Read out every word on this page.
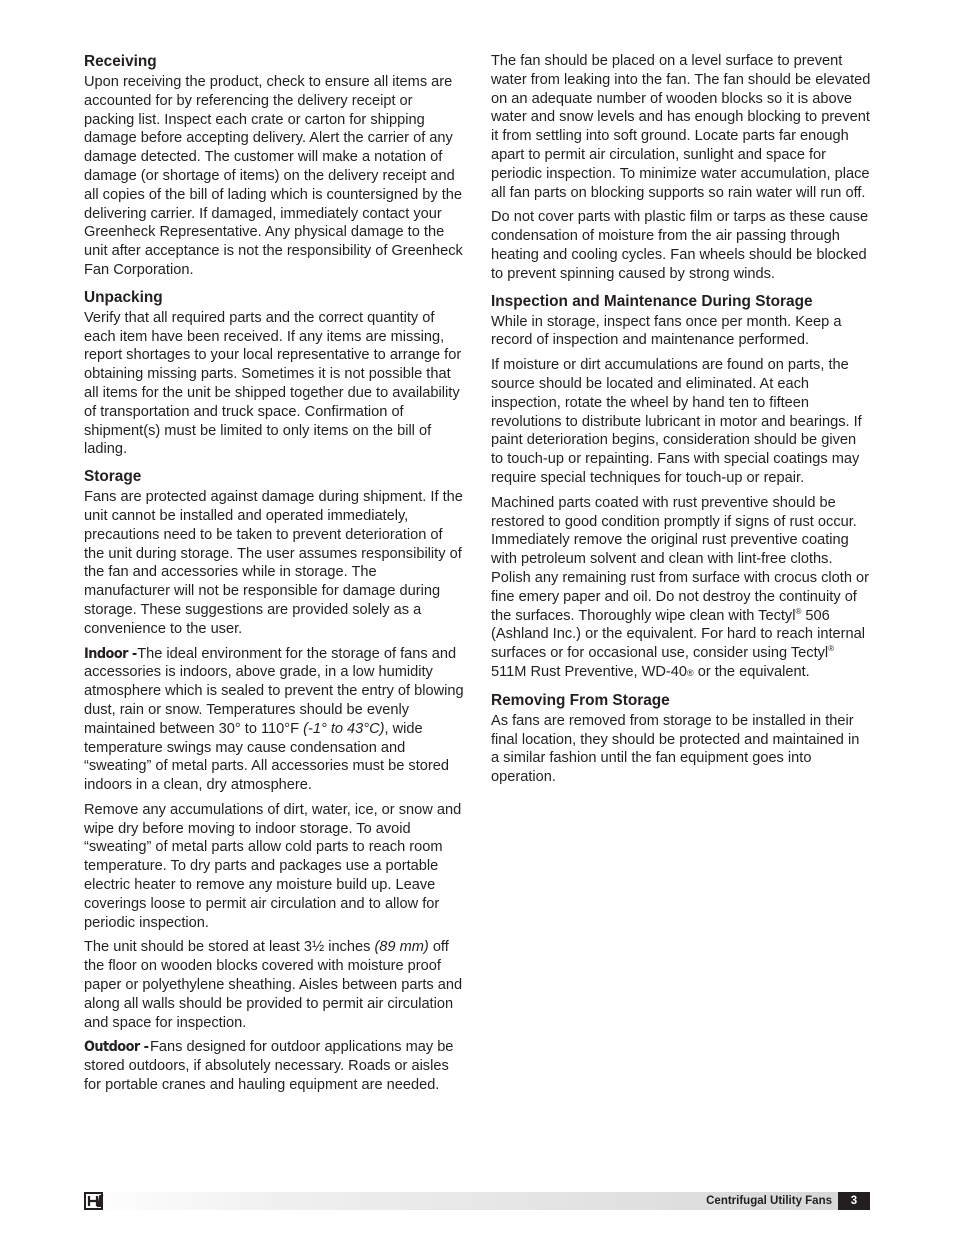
Receiving

Upon receiving the product, check to ensure all items are accounted for by referencing the delivery receipt or packing list. Inspect each crate or carton for shipping damage before accepting delivery. Alert the carrier of any damage detected. The customer will make a notation of damage (or shortage of items) on the delivery receipt and all copies of the bill of lading which is countersigned by the delivering carrier. If damaged, immediately contact your Greenheck Representative. Any physical damage to the unit after acceptance is not the responsibility of Greenheck Fan Corporation.

Unpacking

Verify that all required parts and the correct quantity of each item have been received. If any items are missing, report shortages to your local representative to arrange for obtaining missing parts. Sometimes it is not possible that all items for the unit be shipped together due to availability of transportation and truck space. Confirmation of shipment(s) must be limited to only items on the bill of lading.

Storage

Fans are protected against damage during shipment. If the unit cannot be installed and operated immediately, precautions need to be taken to prevent deterioration of the unit during storage. The user assumes responsibility of the fan and accessories while in storage. The manufacturer will not be responsible for damage during storage. These suggestions are provided solely as a convenience to the user.

Indoor -The ideal environment for the storage of fans and accessories is indoors, above grade, in a low humidity atmosphere which is sealed to prevent the entry of blowing dust, rain or snow. Temperatures should be evenly maintained between 30° to 110°F (-1° to 43°C), wide temperature swings may cause condensation and “sweating” of metal parts. All accessories must be stored indoors in a clean, dry atmosphere.

Remove any accumulations of dirt, water, ice, or snow and wipe dry before moving to indoor storage. To avoid “sweating” of metal parts allow cold parts to reach room temperature. To dry parts and packages use a portable electric heater to remove any moisture build up. Leave coverings loose to permit air circulation and to allow for periodic inspection.

The unit should be stored at least 3½ inches (89 mm) off the floor on wooden blocks covered with moisture proof paper or polyethylene sheathing. Aisles between parts and along all walls should be provided to permit air circulation and space for inspection.

Outdoor -Fans designed for outdoor applications may be stored outdoors, if absolutely necessary. Roads or aisles for portable cranes and hauling equipment are needed.

The fan should be placed on a level surface to prevent water from leaking into the fan. The fan should be elevated on an adequate number of wooden blocks so it is above water and snow levels and has enough blocking to prevent it from settling into soft ground. Locate parts far enough apart to permit air circulation, sunlight and space for periodic inspection. To minimize water accumulation, place all fan parts on blocking supports so rain water will run off.

Do not cover parts with plastic film or tarps as these cause condensation of moisture from the air passing through heating and cooling cycles. Fan wheels should be blocked to prevent spinning caused by strong winds.

Inspection and Maintenance During Storage

While in storage, inspect fans once per month. Keep a record of inspection and maintenance performed.

If moisture or dirt accumulations are found on parts, the source should be located and eliminated. At each inspection, rotate the wheel by hand ten to fifteen revolutions to distribute lubricant in motor and bearings. If paint deterioration begins, consideration should be given to touch-up or repainting. Fans with special coatings may require special techniques for touch-up or repair.

Machined parts coated with rust preventive should be restored to good condition promptly if signs of rust occur. Immediately remove the original rust preventive coating with petroleum solvent and clean with lint-free cloths. Polish any remaining rust from surface with crocus cloth or fine emery paper and oil. Do not destroy the continuity of the surfaces. Thoroughly wipe clean with Tectyl® 506 (Ashland Inc.) or the equivalent. For hard to reach internal surfaces or for occasional use, consider using Tectyl® 511M Rust Preventive, WD-40® or the equivalent.

Removing From Storage

As fans are removed from storage to be installed in their final location, they should be protected and maintained in a similar fashion until the fan equipment goes into operation.

Centrifugal Utility Fans	3
